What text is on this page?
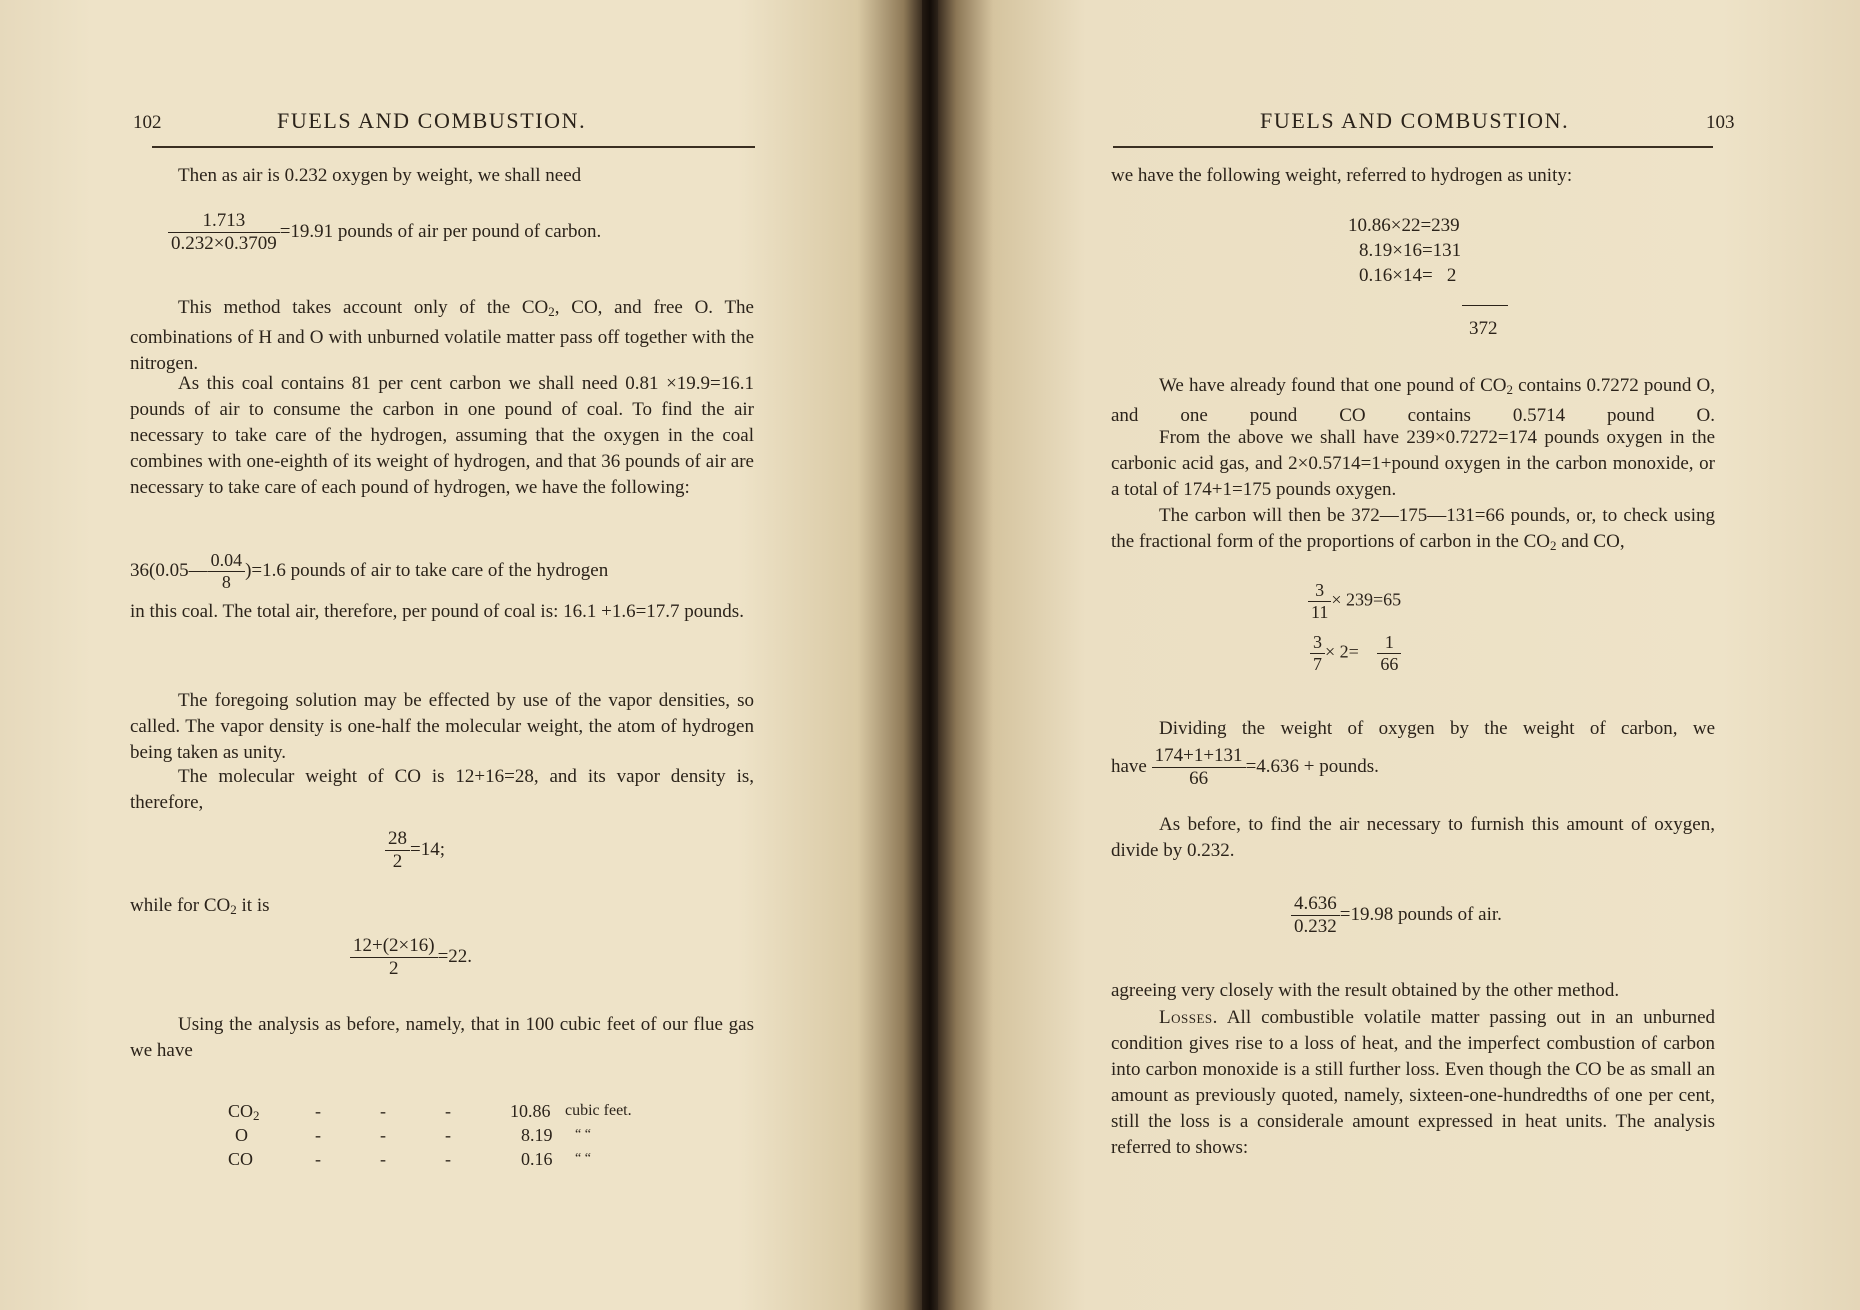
102	FUELS AND COMBUSTION.
Then as air is 0.232 oxygen by weight, we shall need
$\frac{1.713}{0.232\times 0.3709} =19.91$ pounds of air per pound of carbon.

This method takes account only of the $CO_2$, CO, and free O. The combinations of H and O with unburned volatile matter pass off together with the nitrogen.

As this coal contains 81 per cent carbon we shall need 0.81 ×19.9=16.1 pounds of air to consume the carbon in one pound of coal. To find the air necessary to take care of the hydrogen, assuming that the oxygen in the coal combines with one-eighth of its weight of hydrogen, and that 36 pounds of air are necessary to take care of each pound of hydrogen, we have the following:

36(0.05— $\frac{0.04}{8} )=1.6$ pounds of air to take care of the hydrogen

in this coal. The total air, therefore, per pound of coal is: 16.1 +1.6=17.7 pounds.

The foregoing solution may be effected by use of the vapor densities, so called. The vapor density is one-half the molecular weight, the atom of hydrogen being taken as unity.

The molecular weight of CO is 12+16=28, and its vapor density is, therefore,

$\frac{28}{2} =14$;
while for $CO_2$ it is
$\frac{12+(2\times 16)}{2} =22$.

Using the analysis as before, namely, that in 100 cubic feet of our flue gas we have

$CO_2$	-	-	-	10.86 cubic feet.
O	-	-	-	8.19 “ “
CO	-	-	-	0.16 “ “
FUELS AND COMBUSTION.	103
we have the following weight, referred to hydrogen as unity:
10.86×22=239
8.19×16=131
0.16×14=   2
372

We have already found that one pound of $CO_2$ contains 0.7272 pound O, and one pound CO contains 0.5714 pound O.

From the above we shall have 239×0.7272=174 pounds oxygen in the carbonic acid gas, and 2×0.5714=1+pound oxygen in the carbon monoxide, or a total of 174+1=175 pounds oxygen.

The carbon will then be 372—175—131=66 pounds, or, to check using the fractional form of the proportions of carbon in the $CO_2$ and CO,

$\frac{3}{11} \times 239=65$
$\frac{3}{7} \times 2= \frac{1}{66}$

Dividing the weight of oxygen by the weight of carbon, we

have $\frac{174+1+131}{66} =4.636$ + pounds.

As before, to find the air necessary to furnish this amount of oxygen, divide by 0.232.

$\frac{4.636}{0.232} =19.98$ pounds of air.
agreeing very closely with the result obtained by the other method.

Losses. All combustible volatile matter passing out in an unburned condition gives rise to a loss of heat, and the imperfect combustion of carbon into carbon monoxide is a still further loss. Even though the CO be as small an amount as previously quoted, namely, sixteen-one-hundredths of one per cent, still the loss is a considerale amount expressed in heat units. The analysis referred to shows:
